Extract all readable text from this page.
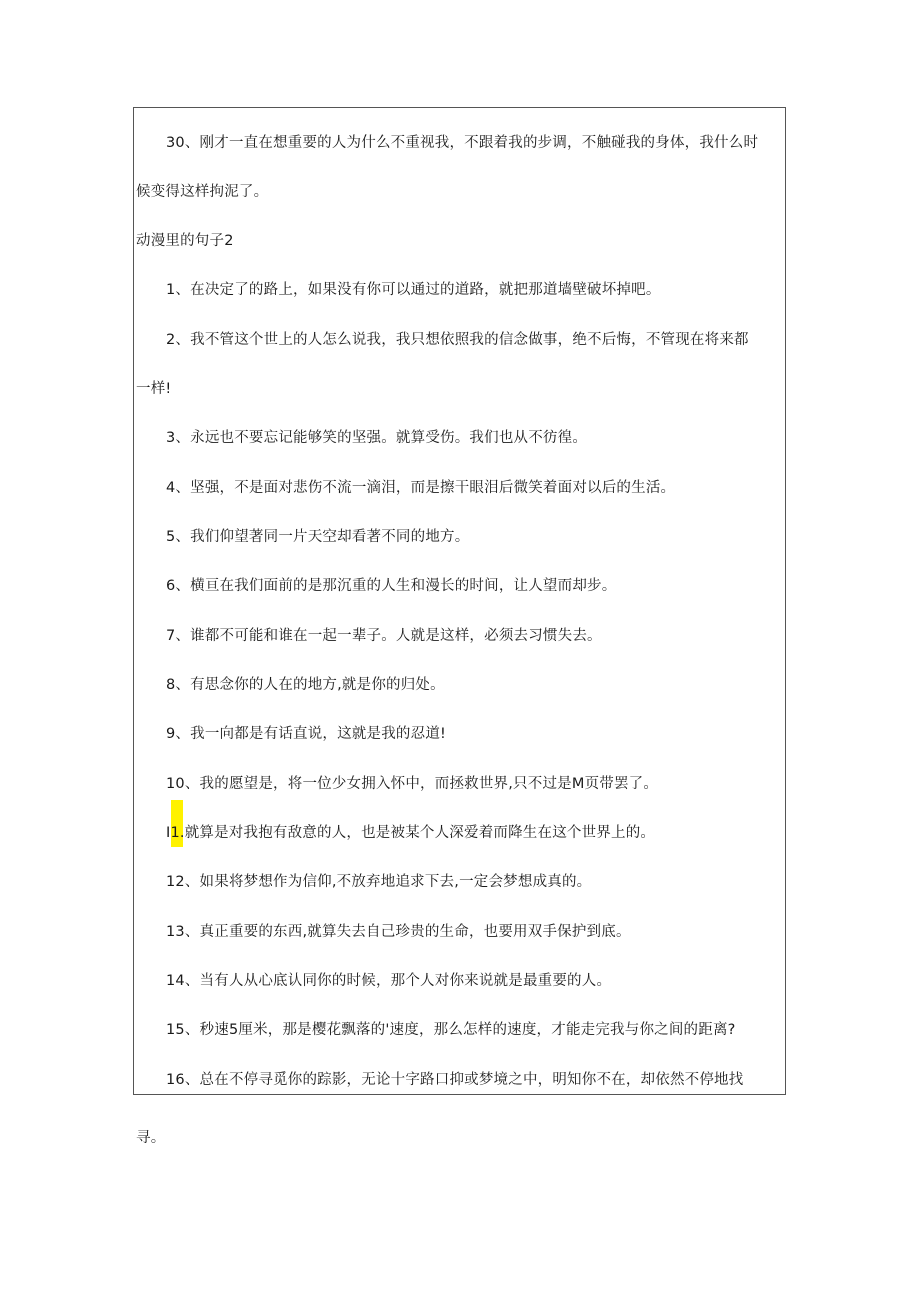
30、刚才一直在想重要的人为什么不重视我，不跟着我的步调，不触碰我的身体，我什么时
候变得这样拘泥了。
动漫里的句子2
1、在决定了的路上，如果没有你可以通过的道路，就把那道墙壁破坏掉吧。
2、我不管这个世上的人怎么说我，我只想依照我的信念做事，绝不后悔，不管现在将来都
一样!
3、永远也不要忘记能够笑的坚强。就算受伤。我们也从不彷徨。
4、坚强，不是面对悲伤不流一滴泪，而是擦干眼泪后微笑着面对以后的生活。
5、我们仰望著同一片天空却看著不同的地方。
6、横亘在我们面前的是那沉重的人生和漫长的时间，让人望而却步。
7、谁都不可能和谁在一起一辈子。人就是这样，必须去习惯失去。
8、有思念你的人在的地方,就是你的归处。
9、我一向都是有话直说，这就是我的忍道!
10、我的愿望是，将一位少女拥入怀中，而拯救世界,只不过是M页带罢了。
I1.就算是对我抱有敌意的人，也是被某个人深爱着而降生在这个世界上的。
12、如果将梦想作为信仰,不放弃地追求下去,一定会梦想成真的。
13、真正重要的东西,就算失去自己珍贵的生命，也要用双手保护到底。
14、当有人从心底认同你的时候，那个人对你来说就是最重要的人。
15、秒速5厘米，那是樱花飘落的'速度，那么怎样的速度，才能走完我与你之间的距离?
16、总在不停寻觅你的踪影，无论十字路口抑或梦境之中，明知你不在，却依然不停地找
寻。
